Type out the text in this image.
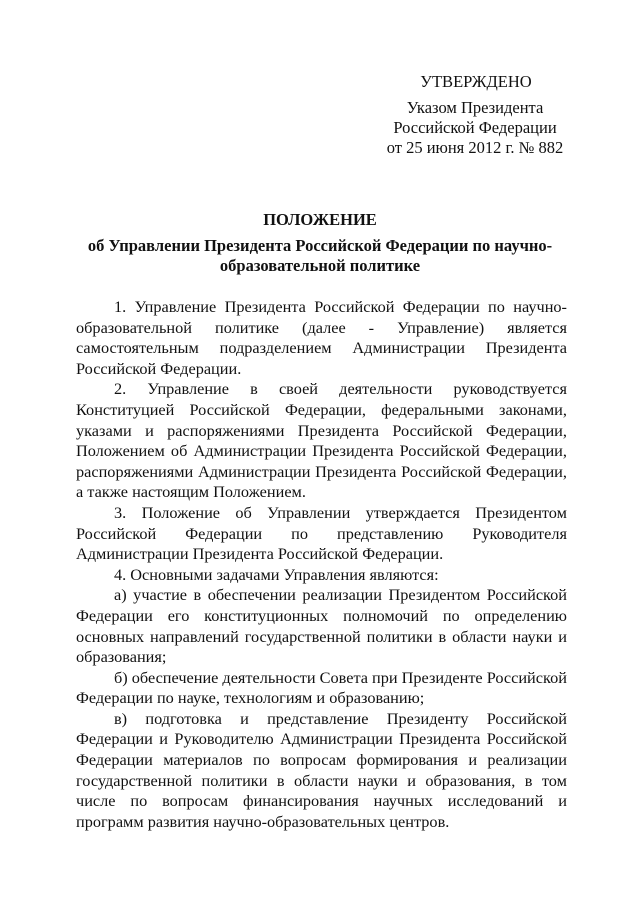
УТВЕРЖДЕНО
Указом Президента
Российской Федерации
от 25 июня 2012 г. № 882
ПОЛОЖЕНИЕ
об Управлении Президента Российской Федерации по научно-
образовательной политике
1. Управление Президента Российской Федерации по научно-
образовательной политике (далее - Управление) является
самостоятельным подразделением Администрации Президента
Российской Федерации.
2. Управление в своей деятельности руководствуется
Конституцией Российской Федерации, федеральными законами,
указами и распоряжениями Президента Российской Федерации,
Положением об Администрации Президента Российской Федерации,
распоряжениями Администрации Президента Российской Федерации,
а также настоящим Положением.
3. Положение об Управлении утверждается Президентом
Российской Федерации по представлению Руководителя
Администрации Президента Российской Федерации.
4. Основными задачами Управления являются:
а) участие в обеспечении реализации Президентом Российской
Федерации его конституционных полномочий по определению
основных направлений государственной политики в области науки и
образования;
б) обеспечение деятельности Совета при Президенте Российской
Федерации по науке, технологиям и образованию;
в) подготовка и представление Президенту Российской
Федерации и Руководителю Администрации Президента Российской
Федерации материалов по вопросам формирования и реализации
государственной политики в области науки и образования, в том
числе по вопросам финансирования научных исследований и
программ развития научно-образовательных центров.
